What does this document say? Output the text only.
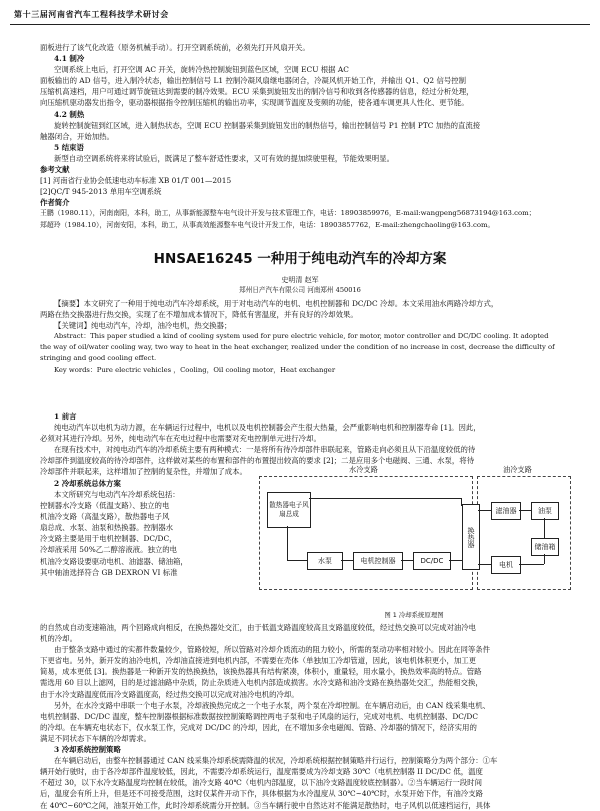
第十三届河南省汽车工程科技学术研讨会

面板进行了该气化改造（原务机械手动）。打开空调系统前，必须先打开风扇开关。

4.1 制冷

空调系统上电后，打开空调 AC 开关，旋转冷热控制旋钮到蓝色区域，空调 ECU 根据 AC

面板输出的 AD 信号，进入制冷状态，输出控制信号 L1 控制冷凝风扇继电器闭合，冷凝风机开始工作，并输出 Q1、Q2 信号控制

压缩机高速档，用户可通过调节旋钮达到需要的制冷效果。ECU 采集到旋钮发出的制冷信号和收到各传感器的信息，经过分析处理，

向压缩机驱动器发出指令，驱动器根据指令控制压缩机的输出功率，实现调节温度及变频的功能，使各通车调更具人性化、更节能。

4.2 制热

旋转控制旋钮到红区域，进入制热状态，空调 ECU 控制器采集到旋钮发出的制热信号，输出控制信号 P1 控制 PTC 加热的直流接

触器闭合，开始加热。

5 结束语

新型自动空调系统将来将试验后，既满足了整车舒适性要求，又可有效的提加续驶里程，节能效果明显。

参考文献

[1] 河南省行业协会低速电动车标准 XB 01/T 001—2015

[2]QC/T 945-2013 单用车空调系统

作者简介

王鹏（1980.11），河南南阳，本科，助工，从事新能源整车电气设计开发与技术管理工作，电话：18903859976，E-mail:wangpeng56873194@163.com；

郑超玲（1984.10），河南安阳，本科，助工，从事高效能源整车电气设计开发工作，电话：18903857762，E-mail:zhengchaoling@163.com。

HNSAE16245 一种用于纯电动汽车的冷却方案
史明清 赵军
郑州日产汽车有限公司 河南郑州 450016

【摘要】本文研究了一种用于纯电动汽车冷却系统，用于对电动汽车的电机、电机控制器和 DC/DC 冷却。本文采用油水两路冷却方式，

两路在热交换器进行热交换，实现了在不增加成本情况下，降低有害温度，并有良好的冷却效果。

【关键词】纯电动汽车，冷却，油冷电机，热交换器；

Abstract：This paper studied a kind of cooling system used for pure electric vehicle, for motor, motor controller and DC/DC cooling. It adopted

the way of oil/water cooling way, two way to heat in the heat exchanger, realized under the condition of no increase in cost, decrease the difficulty of

stringing and good cooling effect.

Key words：Pure electric vehicles ，Cooling，Oil cooling motor，Heat exchanger

1 前言

纯电动汽车以电机为动力源，在车辆运行过程中，电机以及电机控制器会产生很大热量，会严重影响电机和控制器寿命 [1]。因此，

必须对其进行冷却。另外，纯电动汽车在充电过程中也需要对充电控制单元进行冷却。

在现有技术中，对纯电动汽车的冷却系统主要有两种模式：一是将所有待冷却部件串联起来，管路走向必须且从下沿温度较低的待

冷却部件到温度较高的待冷却部件，这样做对某些的布置和部件的布置提出较高的要求 [2]；二是应用多个电磁阀、三通、水泵，将待

冷却部件并联起来，这样增加了控制的复杂性，并增加了成本。

2 冷却系统总体方案

本文所研究与电动汽车冷却系统包括：

控制器水冷支路（低温支路）、独立的电

机油冷支路（高温支路），散热器电子风

扇总成、水泵、油泵和热换器。控制器水

冷支路主要是用于电机控制器、DC/DC，

冷却液采用 50%乙二醇溶液液。独立的电

机油冷支路设要驱动电机、油滤器、储油箱，

其中轴油选择符合 GB DEXRON VI 标准

水冷支路	油冷支路
散热器电子风扇总成
水泵	电机控制器	DC/DC
换热器
滤油器	油泵
储油箱
电机
图 1 冷却系统原理图

的自然成自动变速箱油，两个回路成向相反，在换热器处交汇，由于低温支路温度较高且支路温度较低，经过热交换可以完成对油冷电

机的冷却。

由于整条支路中通过的实都件数量较少，管路较短，所以管路对冷却介质流动的阻力较小，所需的泵动功率相对较小。因此在同等条件

下更省电。另外，新开发的油冷电机，冷却油直接进到电机内部，不需要在壳体（单独加工冷却管道，因此，该电机体积更小，加工更

简易，成本更低 [3]。换热器是一种新开发的热换换热，该换热器具有结构紧凑，体积小，重量轻，用水量小，换热效率高的特点。管路

需选用 60 目以上滤网，目的是过滤油路中杂质，防止杂质进入电机内部造成损害。水冷支路和油冷支路在换热器处交汇，热能相交换，

由于水冷支路温度低而冷支路温度高，经过热交换可以完成对油冷电机的冷却。

另外，在水冷支路中串联一个电子水泵，冷却液换热完成之一个电子水泵，两个泵在冷却控制。在车辆启动后，由 CAN 线采集电机、

电机控制器、DC/DC 温度，整车控制器根据标准数据按控制策略调控两电子泵和电子风扇的运行，完成对电机、电机控制器、DC/DC

的冷却。在车辆充电状态下，仅水泵工作，完成对 DC/DC 的冷却，因此，在不增加多余电磁阀、管路、冷却器的情况下，经济实用的

满足不同状态下车辆的冷却需求。

3 冷却系统控制策略

在车辆启动后，由整车控制器通过 CAN 线采集冷却系统需降温的状况，冷却系统根据控制策略并行运行，控制策略分为两个部分：①车

辆开始行驶时，由于各冷却部件温度较低，因此，不需要冷却系统运行，温度需要成为冷却支路 30℃（电机控制器 II DC/DC 低，温度

不超过 30，以下水冷支路温度均控制在较低，油冷支路 40℃（电机内部温度，以下油冷支路温度较底控制器）。②当车辆运行一段时间

后，温度会有所上升，但是还不可接受范围，这时仅某件开动下作，具体根据为水冷温度从 30℃~40℃时，水泵开始下作，有油冷支路

在 40℃~60℃之间，油泵开始工作，此时冷却系统需分开控制。③当车辆行驶中自然达对不能满足散热时，电子风机以低速档运行，具体
